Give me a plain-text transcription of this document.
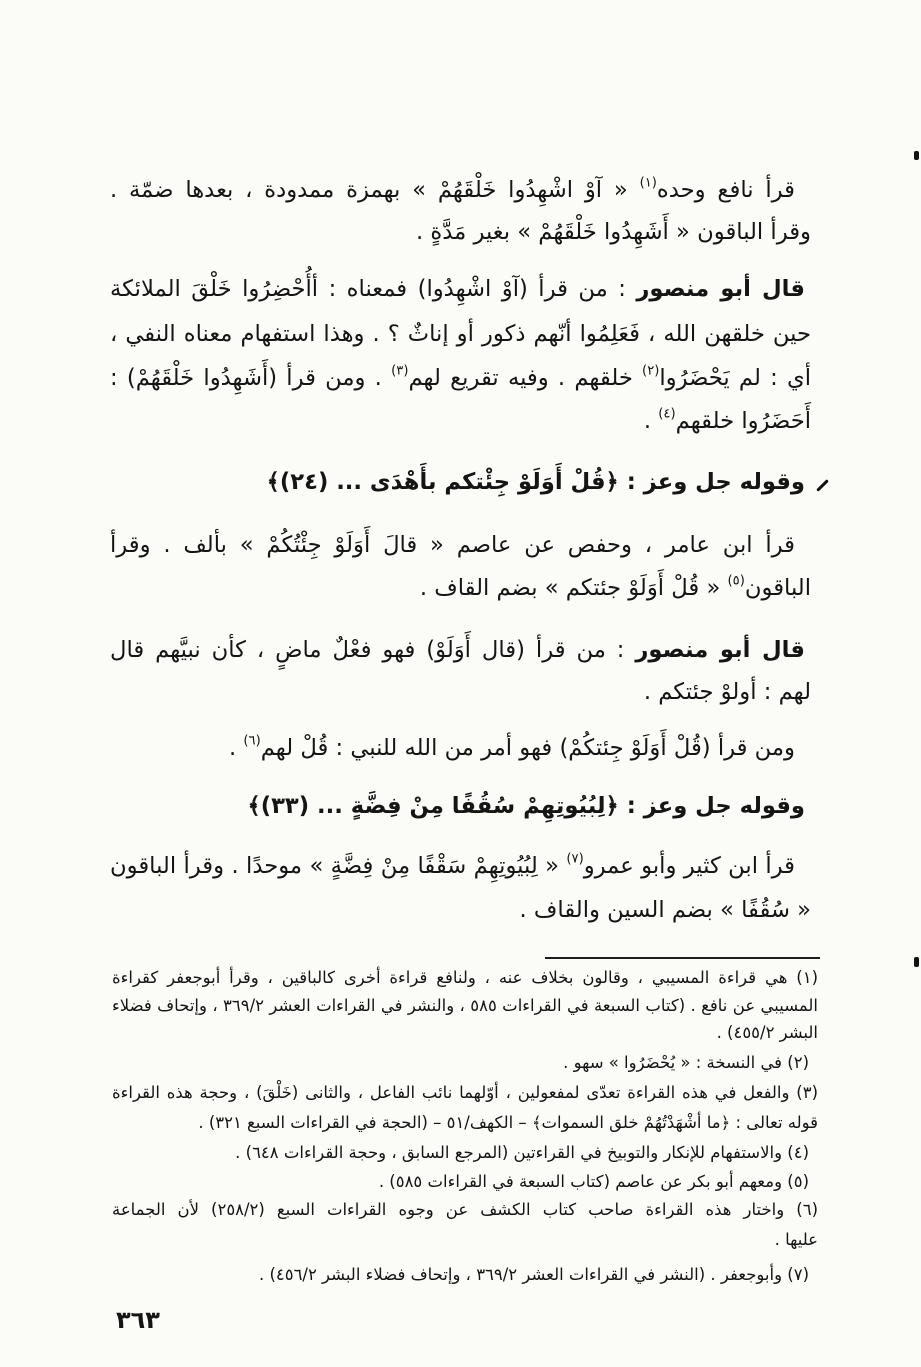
قرأ نافع وحده$^{(١)}$ « آوْ اشْهِدُوا خَلْقَهُمْ » بهمزة ممدودة ، بعدها ضمّة .
وقرأ الباقون « أَشَهِدُوا خَلْقَهُمْ » بغير مَدَّةٍ .
قال أبو منصور : من قرأ (آوْ اشْهِدُوا) فمعناه : أأُحْضِرُوا خَلْقَ الملائكة
حين خلقهن الله ، فَعَلِمُوا أنّهم ذكور أو إناثٌ ؟ . وهذا استفهام معناه النفي ،
أي : لم يَحْضَرُوا$^{(٢)}$ خلقهم . وفيه تقريع لهم$^{(٣)}$ . ومن قرأ (أَشَهِدُوا خَلْقَهُمْ) :
أَحَضَرُوا خلقهم$^{(٤)}$ .
وقوله جل وعز : ﴿قُلْ أَوَلَوْ جِئْتكم بأَهْدَى ... (٢٤)﴾
قرأ ابن عامر ، وحفص عن عاصم « قالَ أَوَلَوْ جِئْتُكُمْ » بألف . وقرأ
الباقون$^{(٥)}$ « قُلْ أَوَلَوْ جئتكم » بضم القاف .
قال أبو منصور : من قرأ (قال أَوَلَوْ) فهو فعْلٌ ماضٍ ، كأن نبيَّهم قال
لهم : أولوْ جئتكم .
ومن قرأ (قُلْ أَوَلَوْ جِئتكُمْ) فهو أمر من الله للنبي : قُلْ لهم$^{(٦)}$ .
وقوله جل وعز : ﴿لِبُيُوتِهِمْ سُقُفًا مِنْ فِضَّةٍ ... (٣٣)﴾
قرأ ابن كثير وأبو عمرو$^{(٧)}$ « لِبُيُوتِهِمْ سَقْفًا مِنْ فِضَّةٍ » موحدًا . وقرأ الباقون
« سُقُفًا » بضم السين والقاف .
(١) هي قراءة المسيبي ، وقالون بخلاف عنه ، ولنافع قراءة أخرى كالباقين ، وقرأ أبوجعفر كقراءة
المسيبي عن نافع . (كتاب السبعة في القراءات ٥٨٥ ، والنشر في القراءات العشر ٣٦٩/٢ ، وإتحاف فضلاء
البشر ٤٥٥/٢) .
(٢) في النسخة : « يُحْضَرُوا » سهو .
(٣) والفعل في هذه القراءة تعدّى لمفعولين ، أوّلهما نائب الفاعل ، والثانى (خَلْقَ) ، وحجة هذه القراءة
قوله تعالى : ﴿ما أشْهَدْتُهُمْ خلق السموات﴾ – الكهف/٥١ – (الحجة في القراءات السبع ٣٢١) .
(٤) والاستفهام للإنكار والتوبيخ في القراءتين (المرجع السابق ، وحجة القراءات ٦٤٨) .
(٥) ومعهم أبو بكر عن عاصم (كتاب السبعة في القراءات ٥٨٥) .
(٦) واختار هذه القراءة صاحب كتاب الكشف عن وجوه القراءات السبع (٢٥٨/٢) لأن الجماعة
عليها .
(٧) وأبوجعفر . (النشر في القراءات العشر ٣٦٩/٢ ، وإتحاف فضلاء البشر ٤٥٦/٢) .
٣٦٣
